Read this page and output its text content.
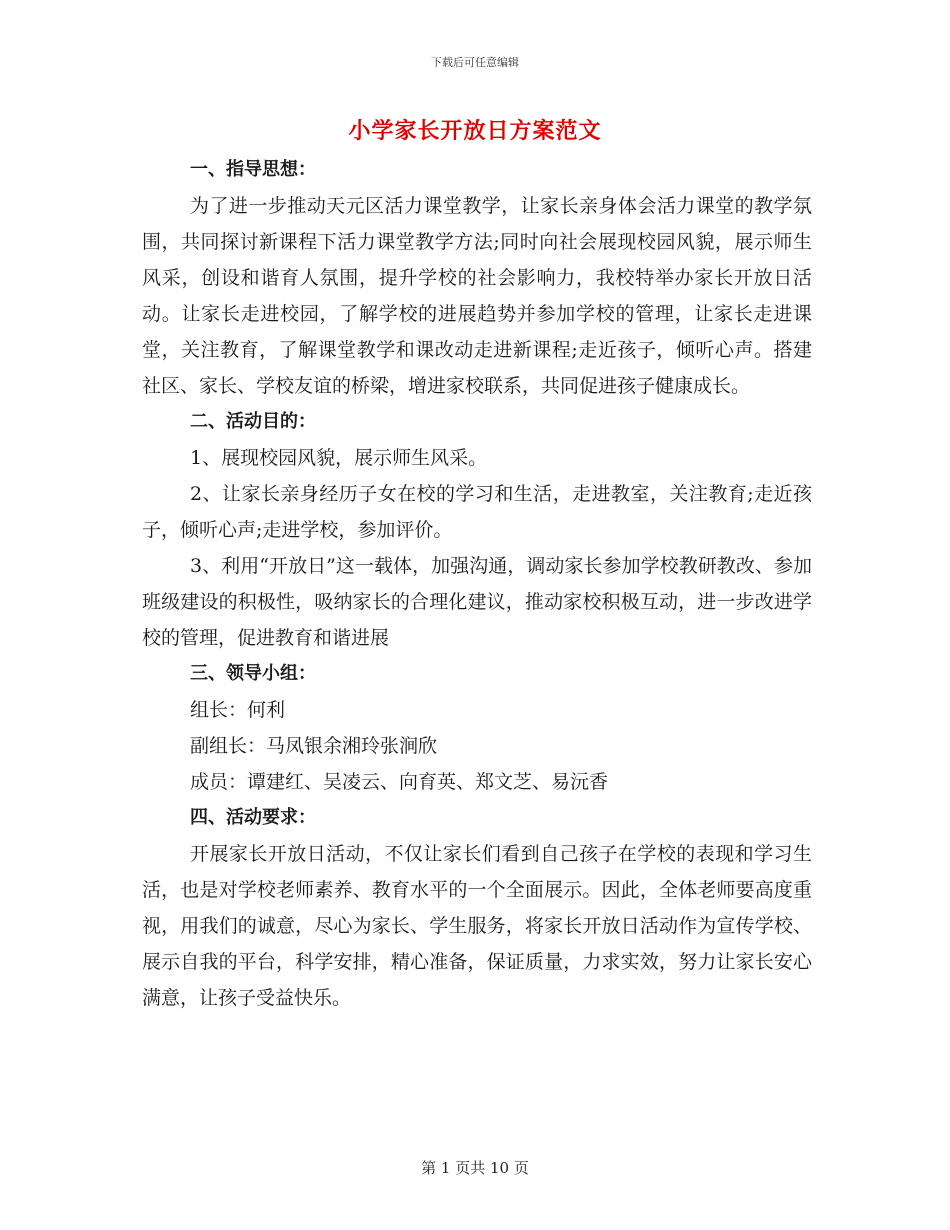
下载后可任意编辑
小学家长开放日方案范文

一、指导思想：

为了进一步推动天元区活力课堂教学，让家长亲身体会活力课堂的教学氛围，共同探讨新课程下活力课堂教学方法;同时向社会展现校园风貌，展示师生风采，创设和谐育人氛围，提升学校的社会影响力，我校特举办家长开放日活动。让家长走进校园，了解学校的进展趋势并参加学校的管理，让家长走进课堂，关注教育，了解课堂教学和课改动走进新课程;走近孩子，倾听心声。搭建社区、家长、学校友谊的桥梁，增进家校联系，共同促进孩子健康成长。

二、活动目的：

1、展现校园风貌，展示师生风采。

2、让家长亲身经历子女在校的学习和生活，走进教室，关注教育;走近孩子，倾听心声;走进学校，参加评价。

3、利用“开放日”这一载体，加强沟通，调动家长参加学校教研教改、参加班级建设的积极性，吸纳家长的合理化建议，推动家校积极互动，进一步改进学校的管理，促进教育和谐进展

三、领导小组：

组长：何利

副组长：马凤银余湘玲张涧欣

成员：谭建红、吴凌云、向育英、郑文芝、易沅香

四、活动要求：

开展家长开放日活动，不仅让家长们看到自己孩子在学校的表现和学习生活，也是对学校老师素养、教育水平的一个全面展示。因此，全体老师要高度重视，用我们的诚意，尽心为家长、学生服务，将家长开放日活动作为宣传学校、展示自我的平台，科学安排，精心准备，保证质量，力求实效，努力让家长安心满意，让孩子受益快乐。

第 1 页共 10 页
